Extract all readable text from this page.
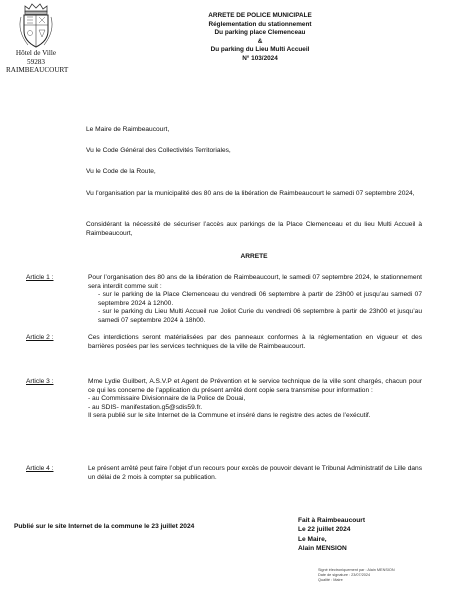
Hôtel de Ville
59283 RAIMBEAUCOURT
ARRETE DE POLICE MUNICIPALE
Réglementation du stationnement
Du parking place Clemenceau
&
Du parking du Lieu Multi Accueil
N° 103/2024
Le Maire de Raimbeaucourt,
Vu le Code Général des Collectivités Territoriales,
Vu le Code de la Route,
Vu l’organisation par la municipalité des 80 ans de la libération de Raimbeaucourt le samedi 07 septembre 2024,
Considérant la nécessité de sécuriser l’accès aux parkings de la Place Clemenceau et du lieu Multi Accueil à Raimbeaucourt,
ARRETE
Article 1 :	Pour l’organisation des 80 ans de la libération de Raimbeaucourt, le samedi 07 septembre 2024, le stationnement sera interdit comme suit :
- sur le parking de la Place Clemenceau du vendredi 06 septembre à partir de 23h00 et jusqu’au samedi 07 septembre 2024 à 12h00.
- sur le parking du Lieu Multi Accueil rue Joliot Curie du vendredi 06 septembre à partir de 23h00 et jusqu’au samedi 07 septembre 2024 à 18h00.
Article 2 :	Ces interdictions seront matérialisées par des panneaux conformes à la réglementation en vigueur et des barrières posées par les services techniques de la ville de Raimbeaucourt.
Article 3 :	Mme Lydie Guilbert, A.S.V.P et Agent de Prévention et le service technique de la ville sont chargés, chacun pour ce qui les concerne de l’application du présent arrêté dont copie sera transmise pour information :
- au Commissaire Divisionnaire de la Police de Douai,
- au SDIS- manifestation.g5@sdis59.fr.
Il sera publié sur le site Internet de la Commune et inséré dans le registre des actes de l’exécutif.
Article 4 :	Le présent arrêté peut faire l’objet d’un recours pour excès de pouvoir devant le Tribunal Administratif de Lille dans un délai de 2 mois à compter sa publication.
Publié sur le site Internet de la commune le 23 juillet 2024
Fait à Raimbeaucourt
Le 22 juillet 2024
Le Maire,
Alain MENSION
Signé électroniquement par : Alain MENSION
Date de signature : 23/07/2024
Qualité : Maire
